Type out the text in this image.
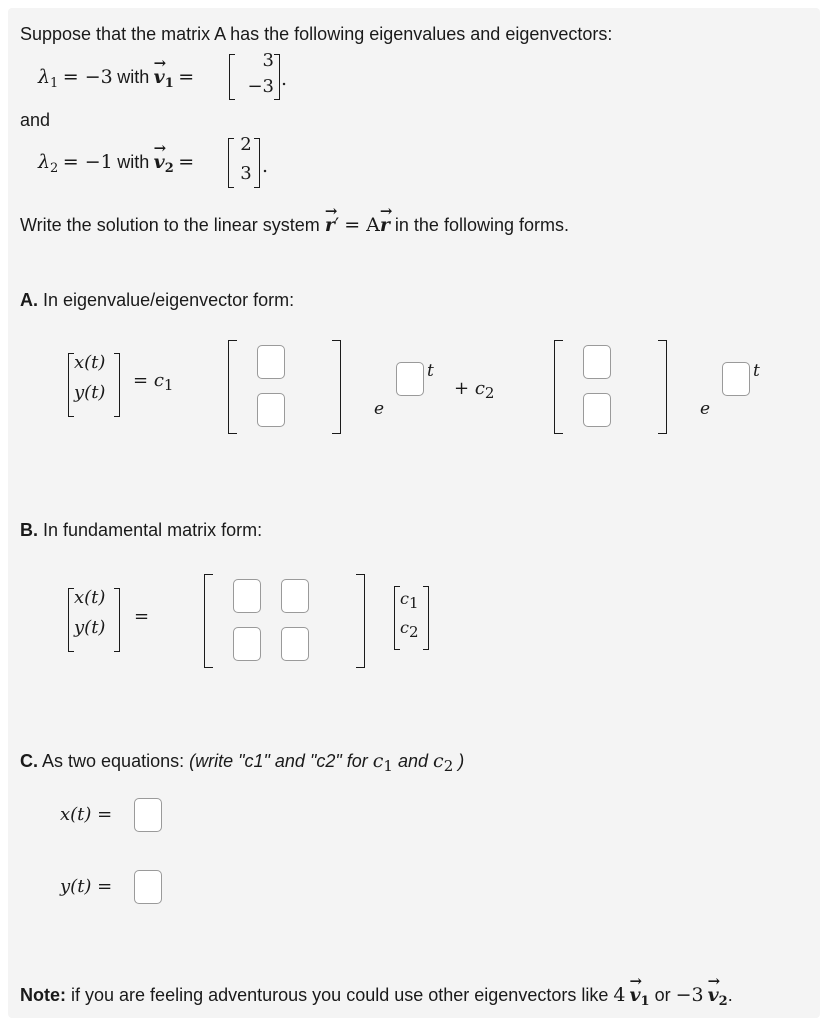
Suppose that the matrix A has the following eigenvalues and eigenvectors:
$\lambda_1 = -3$ with → $v_1$ =
3
−3 .
and
$\lambda_2 = -1$ with → $v_2$ =
2
3 .
Write the solution to the linear system → r′ = A→ r in the following forms.
A. In eigenvalue/eigenvector form:
x(t)
y(t)
= $c_1$
e
t
+ $c_2$
e
t
B. In fundamental matrix form:
x(t)
y(t)
=
c1
c2
C. As two equations: (write "c1" and "c2" for $c_1$ and $c_2$ )
x(t) =
y(t) =
Note: if you are feeling adventurous you could use other eigenvectors like $4 \to v_1$ or $-3 \to v_2$.
